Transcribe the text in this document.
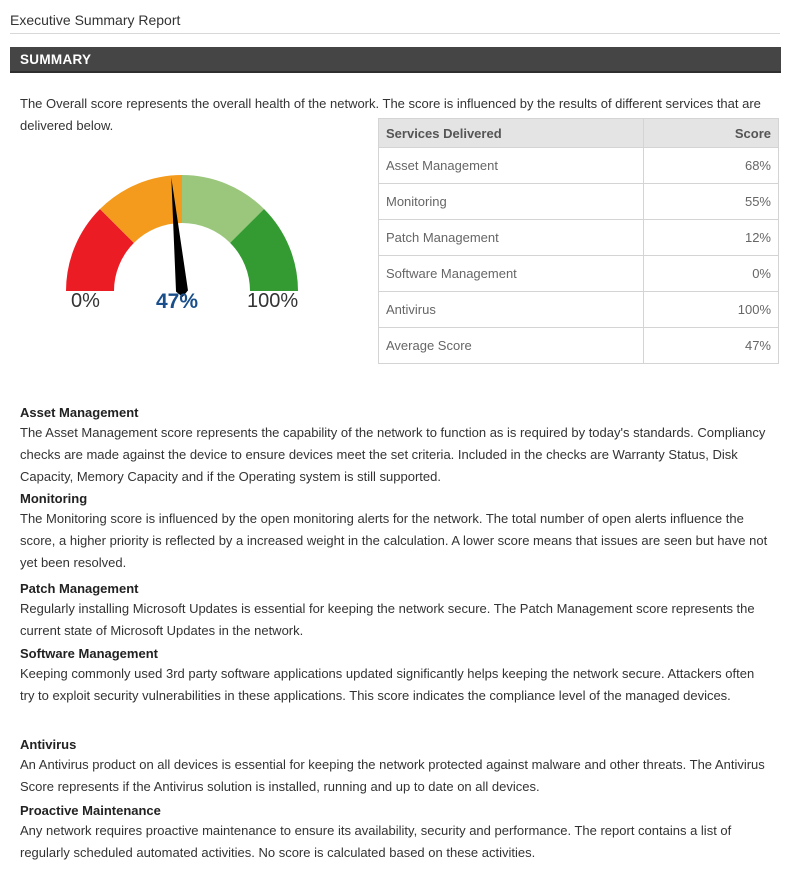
Executive Summary Report
SUMMARY
The Overall score represents the overall health of the network. The score is influenced by the results of different services that are delivered below.
0%	47% 100%
Services Delivered	Score
Asset Management	68%
Monitoring	55%
Patch Management	12%
Software Management	0%
Antivirus	100%
Average Score	47%
Asset Management

The Asset Management score represents the capability of the network to function as is required by today's standards. Compliancy checks are made against the device to ensure devices meet the set criteria. Included in the checks are Warranty Status, Disk Capacity, Memory Capacity and if the Operating system is still supported.

Monitoring

The Monitoring score is influenced by the open monitoring alerts for the network. The total number of open alerts influence the score, a higher priority is reflected by a increased weight in the calculation. A lower score means that issues are seen but have not yet been resolved.

Patch Management

Regularly installing Microsoft Updates is essential for keeping the network secure. The Patch Management score represents the current state of Microsoft Updates in the network.

Software Management

Keeping commonly used 3rd party software applications updated significantly helps keeping the network secure. Attackers often try to exploit security vulnerabilities in these applications. This score indicates the compliance level of the managed devices.

Antivirus

An Antivirus product on all devices is essential for keeping the network protected against malware and other threats. The Antivirus Score represents if the Antivirus solution is installed, running and up to date on all devices.

Proactive Maintenance

Any network requires proactive maintenance to ensure its availability, security and performance. The report contains a list of regularly scheduled automated activities. No score is calculated based on these activities.
